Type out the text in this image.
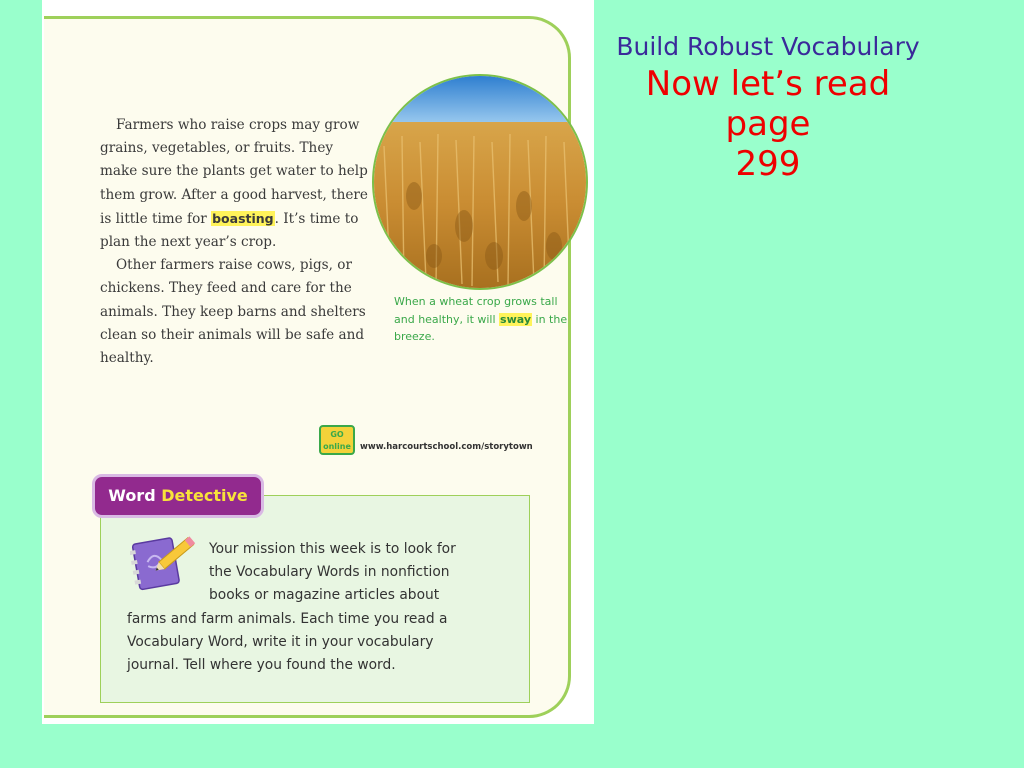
Build Robust Vocabulary
Now let’s read page
299

Farmers who raise crops may grow grains, vegetables, or fruits. They make sure the plants get water to help them grow. After a good harvest, there is little time for boasting. It’s time to plan the next year’s crop.

Other farmers raise cows, pigs, or chickens. They feed and care for the animals. They keep barns and shelters clean so their animals will be safe and healthy.

When a wheat crop grows tall and healthy, it will sway in the breeze.
GO
online www.harcourtschool.com/storytown
Word Detective
Your mission this week is to look for
the Vocabulary Words in nonfiction
books or magazine articles about
farms and farm animals. Each time you read a
Vocabulary Word, write it in your vocabulary
journal. Tell where you found the word.
